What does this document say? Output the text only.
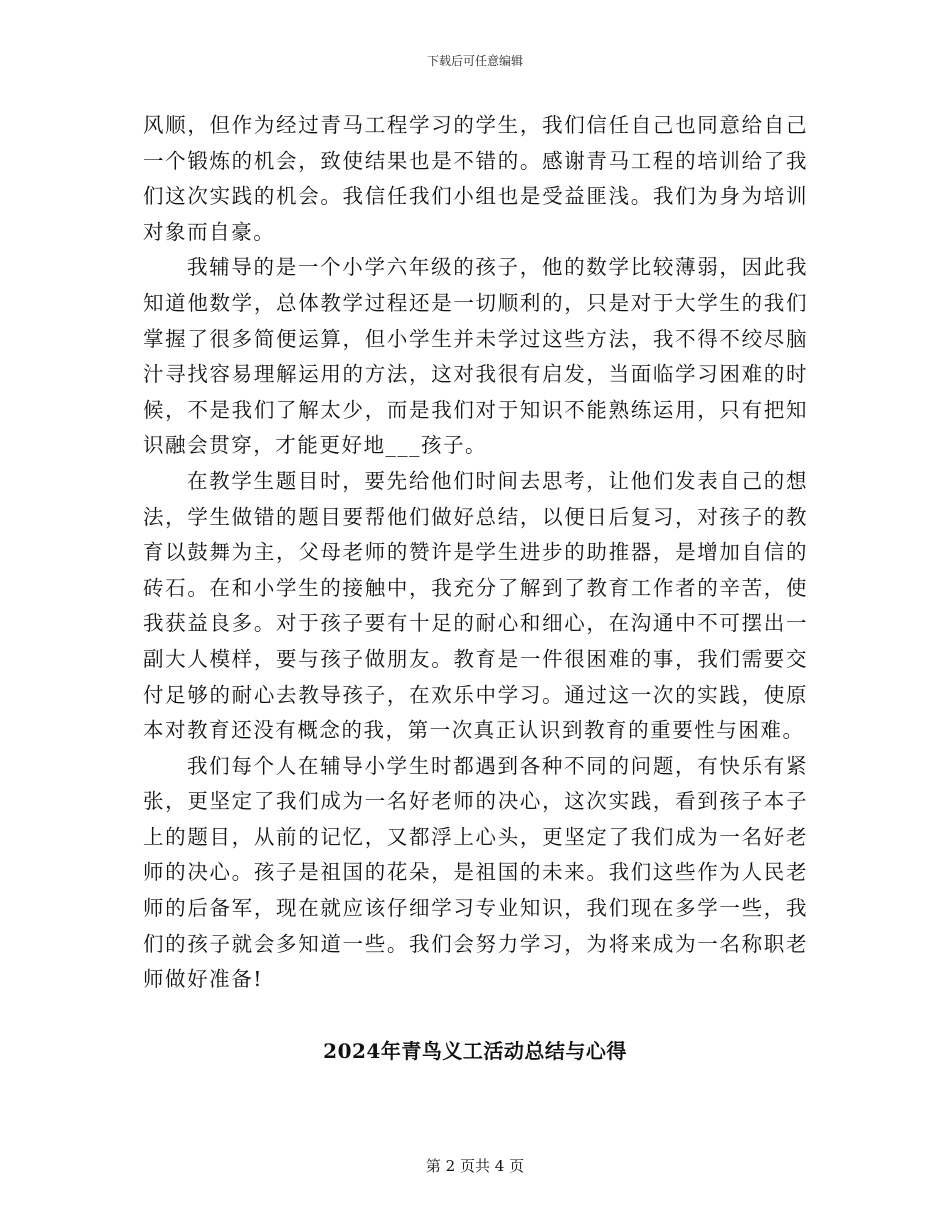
下载后可任意编辑

风顺，但作为经过青马工程学习的学生，我们信任自己也同意给自己一个锻炼的机会，致使结果也是不错的。感谢青马工程的培训给了我们这次实践的机会。我信任我们小组也是受益匪浅。我们为身为培训对象而自豪。

我辅导的是一个小学六年级的孩子，他的数学比较薄弱，因此我知道他数学，总体教学过程还是一切顺利的，只是对于大学生的我们掌握了很多简便运算，但小学生并未学过这些方法，我不得不绞尽脑汁寻找容易理解运用的方法，这对我很有启发，当面临学习困难的时候，不是我们了解太少，而是我们对于知识不能熟练运用，只有把知识融会贯穿，才能更好地___孩子。

在教学生题目时，要先给他们时间去思考，让他们发表自己的想法，学生做错的题目要帮他们做好总结，以便日后复习，对孩子的教育以鼓舞为主，父母老师的赞许是学生进步的助推器，是增加自信的砖石。在和小学生的接触中，我充分了解到了教育工作者的辛苦，使我获益良多。对于孩子要有十足的耐心和细心，在沟通中不可摆出一副大人模样，要与孩子做朋友。教育是一件很困难的事，我们需要交付足够的耐心去教导孩子，在欢乐中学习。通过这一次的实践，使原本对教育还没有概念的我，第一次真正认识到教育的重要性与困难。

我们每个人在辅导小学生时都遇到各种不同的问题，有快乐有紧张，更坚定了我们成为一名好老师的决心，这次实践，看到孩子本子上的题目，从前的记忆，又都浮上心头，更坚定了我们成为一名好老师的决心。孩子是祖国的花朵，是祖国的未来。我们这些作为人民老师的后备军，现在就应该仔细学习专业知识，我们现在多学一些，我们的孩子就会多知道一些。我们会努力学习，为将来成为一名称职老师做好准备!

2024年青鸟义工活动总结与心得
第 2 页共 4 页
